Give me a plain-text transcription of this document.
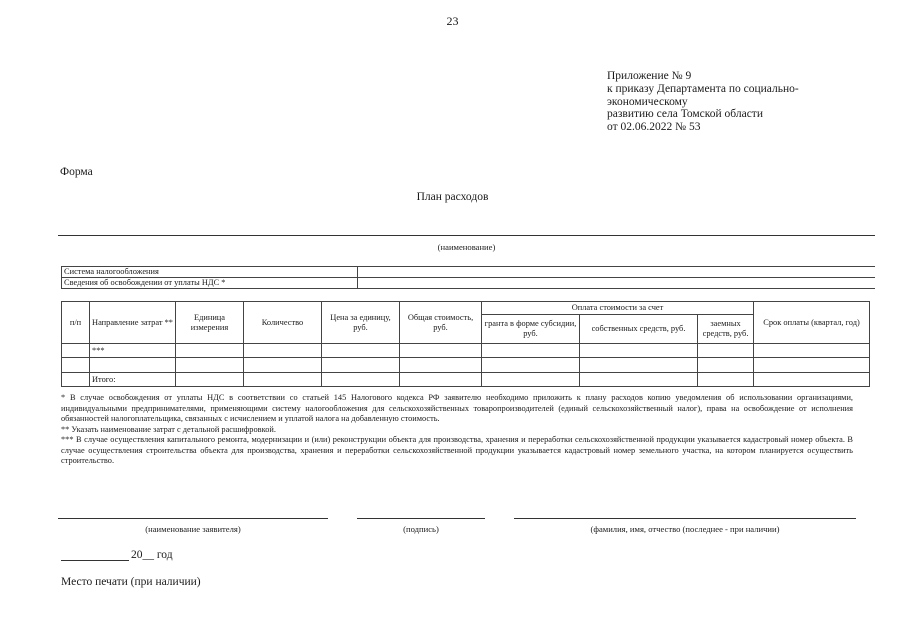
23
Приложение № 9
к приказу Департамента по социально-
экономическому
развитию села Томской области
от 02.06.2022 № 53
Форма
План расходов
(наименование)
Система налогообложения	
Сведения об освобождении от уплаты НДС *	
п/п	Направление затрат **	Единица измерения	Количество	Цена за единицу, руб.	Общая стоимость, руб.	Оплата стоимости за счет			Срок оплаты (квартал, год)
						гранта в форме субсидии, руб.	собственных средств, руб.	заемных средств, руб.	
	***								

	Итого:								

* В случае освобождения от уплаты НДС в соответствии со статьей 145 Налогового кодекса РФ заявителю необходимо приложить к плану расходов копию уведомления об использовании организациями, индивидуальными предпринимателями, применяющими систему налогообложения для сельскохозяйственных товаропроизводителей (единый сельскохозяйственный налог), права на освобождение от исполнения обязанностей налогоплательщика, связанных с исчислением и уплатой налога на добавленную стоимость.

** Указать наименование затрат с детальной расшифровкой.

*** В случае осуществления капитального ремонта, модернизации и (или) реконструкции объекта для производства, хранения и переработки сельскохозяйственной продукции указывается кадастровый номер объекта. В случае осуществления строительства объекта для производства, хранения и переработки сельскохозяйственной продукции указывается кадастровый номер земельного участка, на котором планируется осуществить строительство.

(наименование заявителя)	(подпись)	(фамилия, имя, отчество (последнее - при наличии)
20__ год
Место печати (при наличии)
